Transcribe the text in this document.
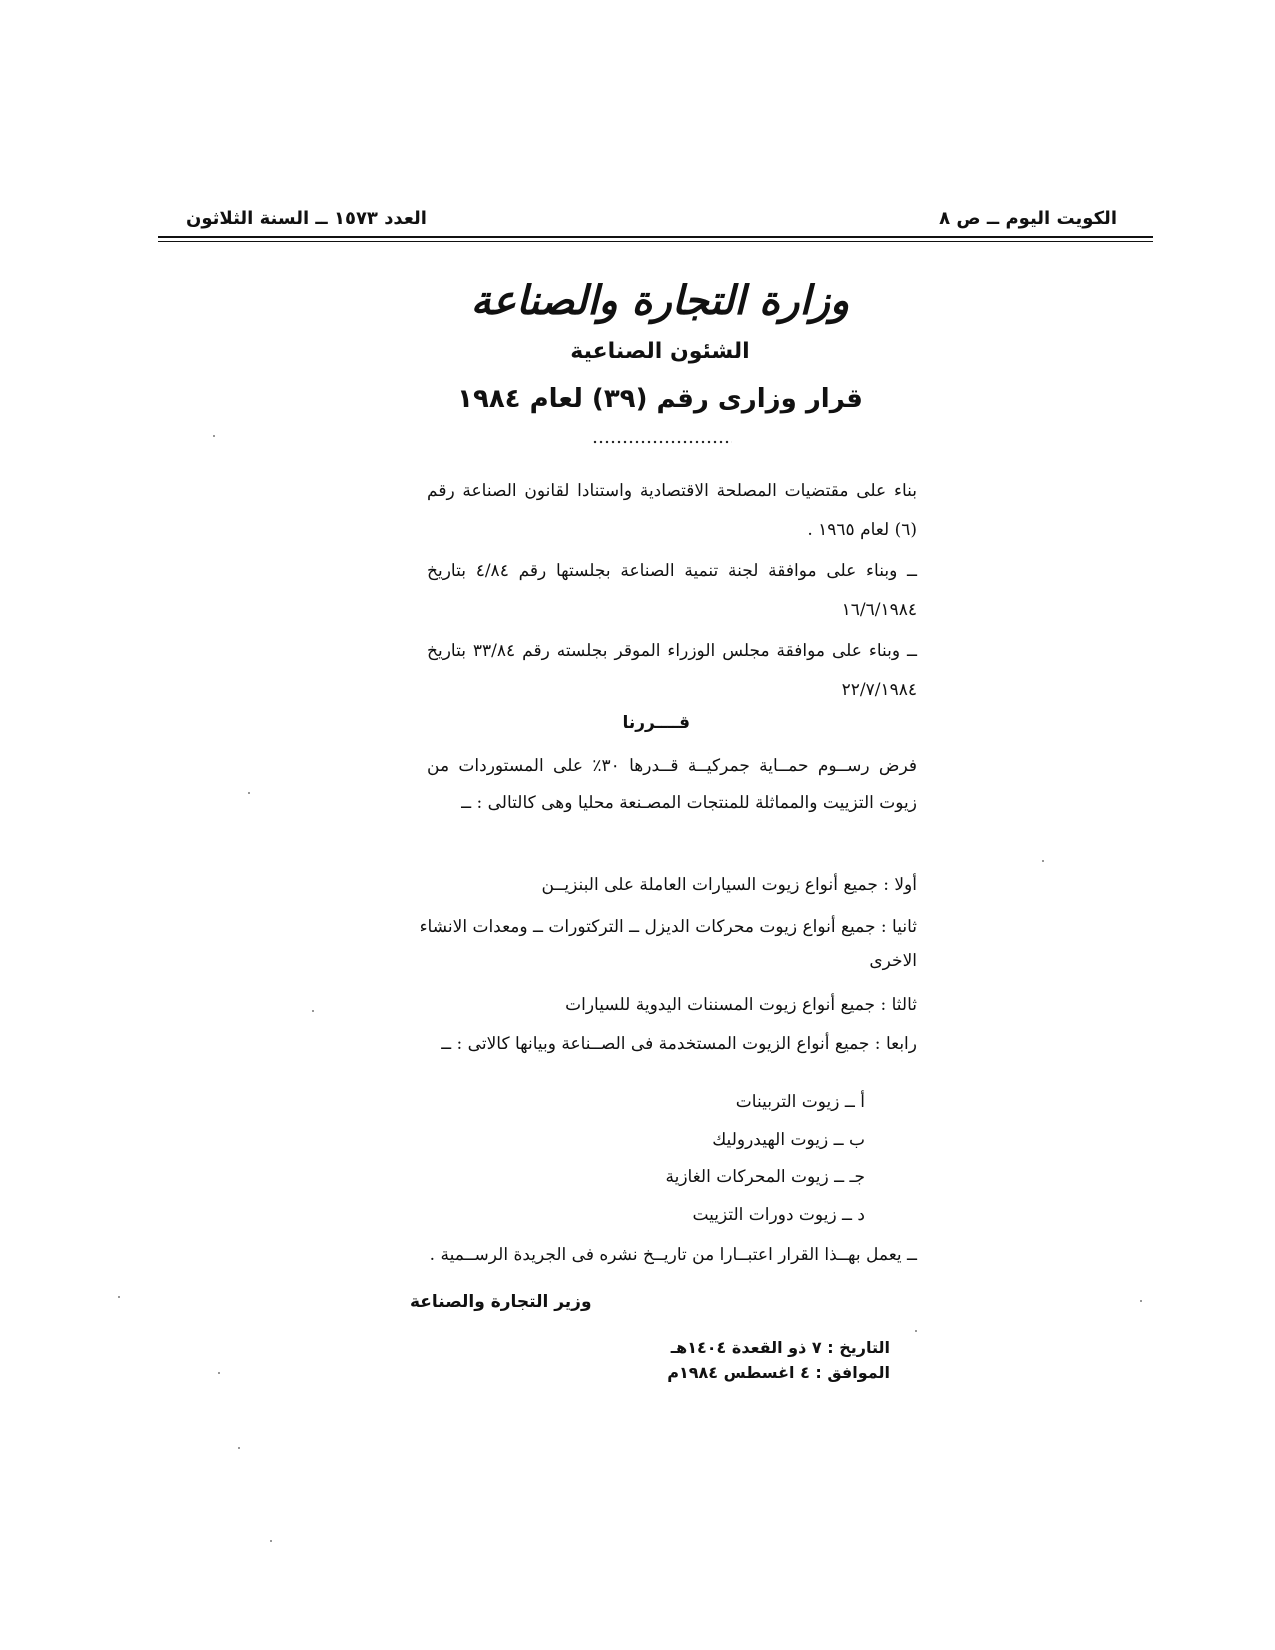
الكويت اليوم ــ ص ٨
العدد ١٥٧٣ ــ السنة الثلاثون
وزارة التجارة والصناعة
الشئون الصناعية
قرار وزارى رقم (٣٩) لعام ١٩٨٤
بناء على مقتضيات المصلحة الاقتصادية واستنادا لقانون الصناعة رقم (٦) لعام ١٩٦٥ .
ــ وبناء على موافقة لجنة تنمية الصناعة بجلستها رقم ٤/٨٤ بتاريخ ١٦/٦/١٩٨٤
ــ وبناء على موافقة مجلس الوزراء الموقر بجلسته رقم ٣٣/٨٤ بتاريخ ٢٢/٧/١٩٨٤
قــــررنا
فرض رســوم حمــاية جمركيــة قــدرها ٣٠٪ على المستوردات من زيوت التزييت والمماثلة للمنتجات المصـنعة محليا وهى كالتالى : ــ
أولا : جميع أنواع زيوت السيارات العاملة على البنزيــن
ثانيا : جميع أنواع زيوت محركات الديزل ــ التركتورات ــ ومعدات الانشاء الاخرى
ثالثا : جميع أنواع زيوت المسننات اليدوية للسيارات
رابعا : جميع أنواع الزيوت المستخدمة فى الصــناعة وبيانها كالاتى : ــ
أ ــ زيوت التربينات
ب ــ زيوت الهيدروليك
جـ ــ زيوت المحركات الغازية
د ــ زيوت دورات التزييت
ــ يعمل بهــذا القرار اعتبــارا من تاريــخ نشره فى الجريدة الرســمية .
وزير التجارة والصناعة
التاريخ : ٧ ذو القعدة ١٤٠٤هـ
الموافق : ٤ اغسطس ١٩٨٤م
